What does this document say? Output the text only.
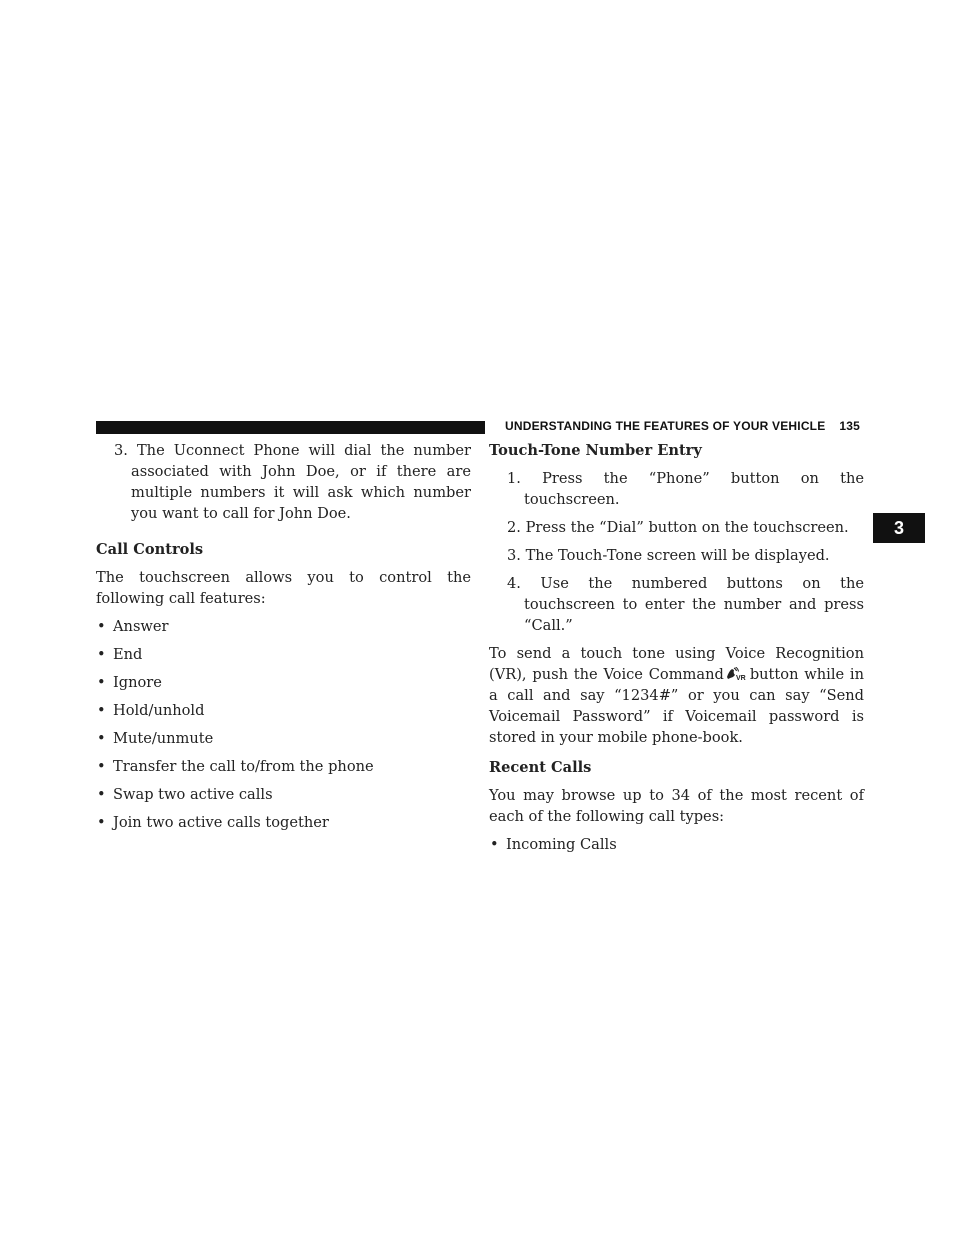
UNDERSTANDING THE FEATURES OF YOUR VEHICLE 135
3

3. The Uconnect Phone will dial the number associated with John Doe, or if there are multiple numbers it will ask which number you want to call for John Doe.

Call Controls

The touchscreen allows you to control the following call features:

• Answer

• End

• Ignore

• Hold/unhold

• Mute/unmute

• Transfer the call to/from the phone

• Swap two active calls

• Join two active calls together

Touch-Tone Number Entry

1. Press the “Phone” button on the touchscreen.

2. Press the “Dial” button on the touchscreen.

3. The Touch-Tone screen will be displayed.

4. Use the numbered buttons on the touchscreen to enter the number and press “Call.”

To send a touch tone using Voice Recognition (VR), push the Voice Command VR button while in a call and say “1234#” or you can say “Send Voicemail Password” if Voicemail password is stored in your mobile phone-book.

Recent Calls

You may browse up to 34 of the most recent of each of the following call types:

• Incoming Calls
